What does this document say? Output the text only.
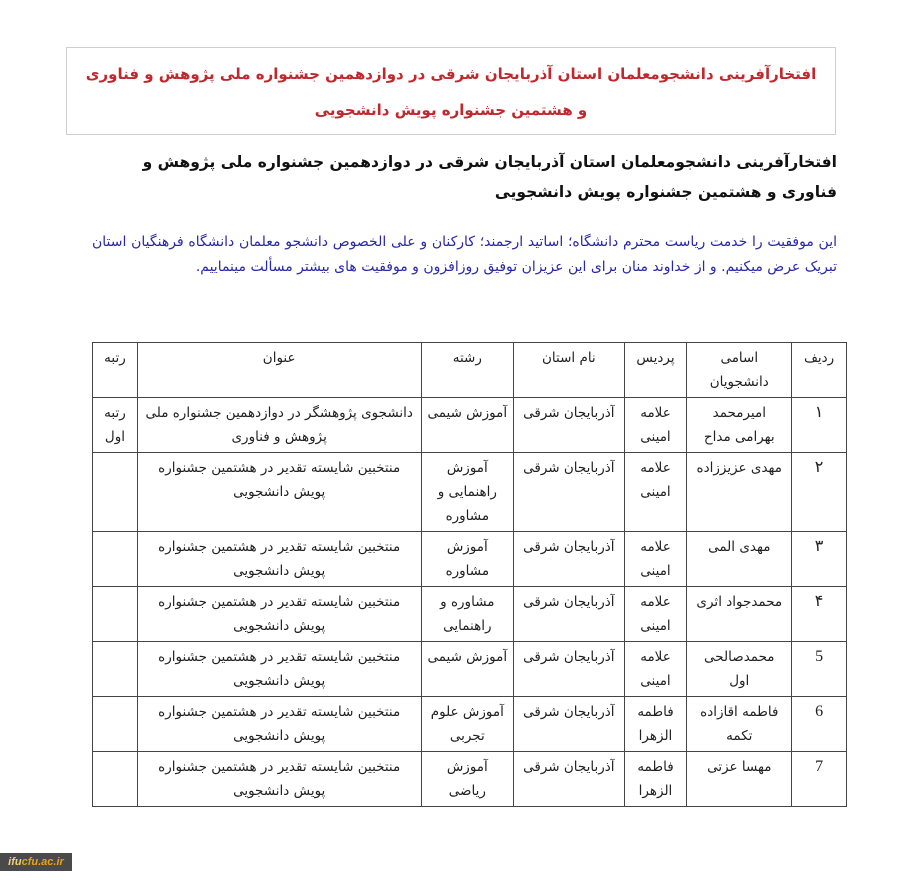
افتخارآفرینی دانشجومعلمان استان آذربایجان شرقی در دوازدهمین جشنواره ملی پژوهش و فناوری
و هشتمین جشنواره پویش دانشجویی
افتخارآفرینی دانشجومعلمان استان آذربایجان شرقی در دوازدهمین جشنواره ملی پژوهش و فناوری و هشتمین جشنواره پویش دانشجویی
این موفقیت را خدمت ریاست محترم دانشگاه؛ اساتید ارجمند؛ کارکنان و علی الخصوص دانشجو معلمان دانشگاه فرهنگیان استان تبریک عرض میکنیم. و از خداوند منان برای این عزیزان توفیق روزافزون و موفقیت های بیشتر مسألت مینماییم.
ردیف	اسامی دانشجویان	پردیس	نام استان	رشته	عنوان	رتبه
۱	امیرمحمد بهرامی مداح	علامه امینی	آذربایجان شرقی	آموزش شیمی	دانشجوی پژوهشگر در دوازدهمین جشنواره ملی پژوهش و فناوری	رتبه اول
۲	مهدی عزیززاده	علامه امینی	آذربایجان شرقی	آموزش راهنمایی و مشاوره	منتخبین شایسته تقدیر در هشتمین جشنواره پویش دانشجویی	
۳	مهدی المی	علامه امینی	آذربایجان شرقی	آموزش مشاوره	منتخبین شایسته تقدیر در هشتمین جشنواره پویش دانشجویی	
۴	محمدجواد اثری	علامه امینی	آذربایجان شرقی	مشاوره و راهنمایی	منتخبین شایسته تقدیر در هشتمین جشنواره پویش دانشجویی	
5	محمدصالحی اول	علامه امینی	آذربایجان شرقی	آموزش شیمی	منتخبین شایسته تقدیر در هشتمین جشنواره پویش دانشجویی	
6	فاطمه اقازاده تکمه	فاطمه الزهرا	آذربایجان شرقی	آموزش علوم تجربی	منتخبین شایسته تقدیر در هشتمین جشنواره پویش دانشجویی	
7	مهسا عزتی	فاطمه الزهرا	آذربایجان شرقی	آموزش ریاضی	منتخبین شایسته تقدیر در هشتمین جشنواره پویش دانشجویی	
ifucfu.ac.ir
